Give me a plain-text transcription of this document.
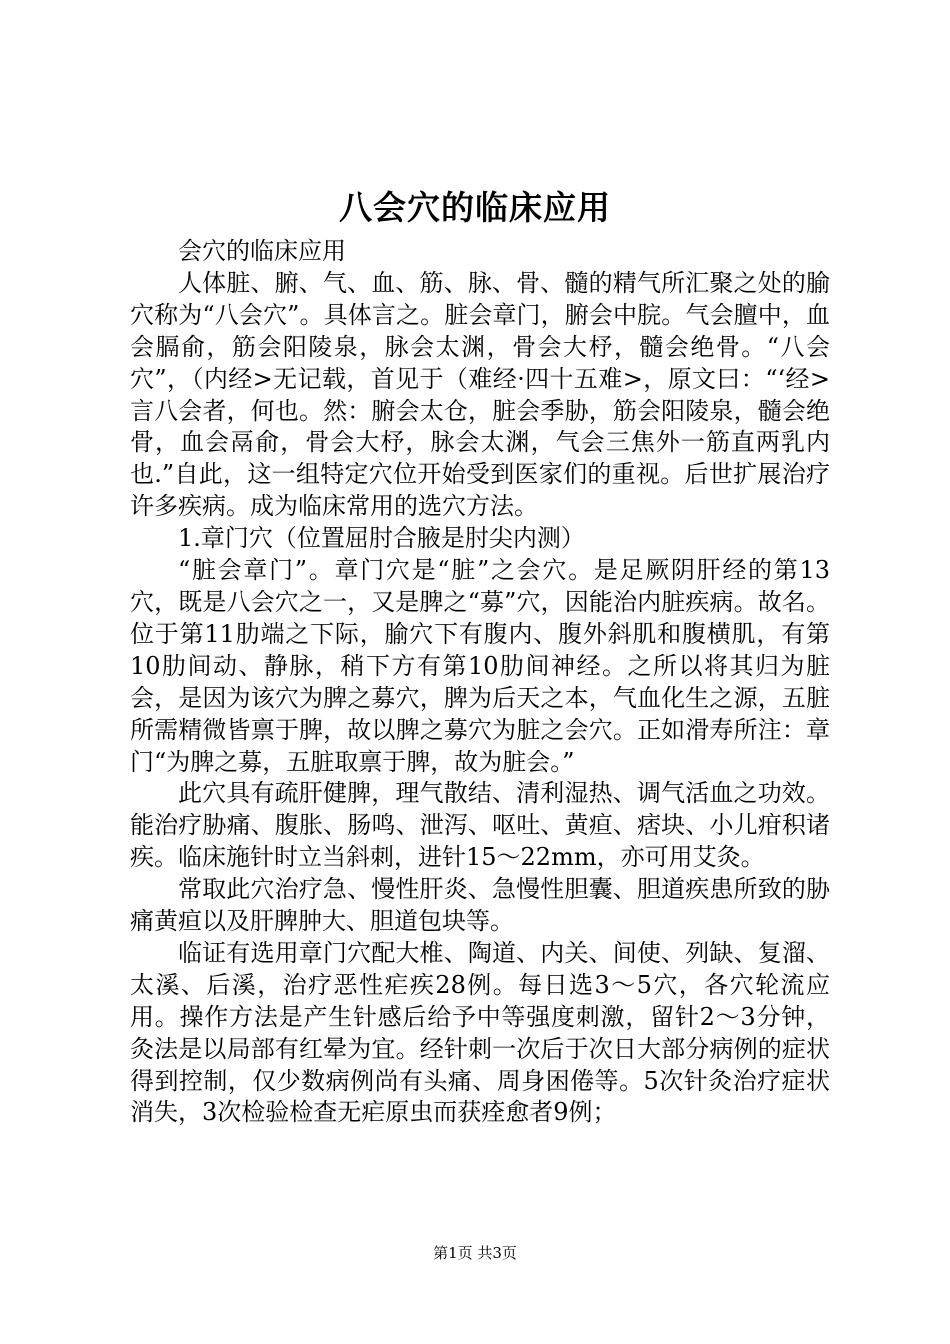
八会穴的临床应用

会穴的临床应用

人体脏、腑、气、血、筋、脉、骨、髓的精气所汇聚之处的腧穴称为“八会穴”。具体言之。脏会章门，腑会中脘。气会膻中，血会膈俞，筋会阳陵泉，脉会太渊，骨会大杼，髓会绝骨。“八会穴”，（内经>无记载，首见于（难经·四十五难>，原文曰：“‘经>言八会者，何也。然：腑会太仓，脏会季胁，筋会阳陵泉，髓会绝骨，血会鬲俞，骨会大杼，脉会太渊，气会三焦外一筋直两乳内也.”自此，这一组特定穴位开始受到医家们的重视。后世扩展治疗许多疾病。成为临床常用的选穴方法。

1.章门穴（位置屈肘合腋是肘尖内测）

“脏会章门”。章门穴是“脏”之会穴。是足厥阴肝经的第13穴，既是八会穴之一，又是脾之“募”穴，因能治内脏疾病。故名。位于第11肋端之下际，腧穴下有腹内、腹外斜肌和腹横肌，有第10肋间动、静脉，稍下方有第10肋间神经。之所以将其归为脏会，是因为该穴为脾之募穴，脾为后天之本，气血化生之源，五脏所需精微皆禀于脾，故以脾之募穴为脏之会穴。正如滑寿所注：章门“为脾之募，五脏取禀于脾，故为脏会。”

此穴具有疏肝健脾，理气散结、清利湿热、调气活血之功效。能治疗胁痛、腹胀、肠鸣、泄泻、呕吐、黄疸、痞块、小儿疳积诸疾。临床施针时立当斜刺，进针15～22mm，亦可用艾灸。

常取此穴治疗急、慢性肝炎、急慢性胆囊、胆道疾患所致的胁痛黄疸以及肝脾肿大、胆道包块等。

临证有选用章门穴配大椎、陶道、内关、间使、列缺、复溜、太溪、后溪，治疗恶性疟疾28例。每日选3～5穴，各穴轮流应用。操作方法是产生针感后给予中等强度刺激，留针2～3分钟，灸法是以局部有红晕为宜。经针刺一次后于次日大部分病例的症状得到控制，仅少数病例尚有头痛、周身困倦等。5次针灸治疗症状消失，3次检验检查无疟原虫而获痊愈者9例；

第1页 共3页
